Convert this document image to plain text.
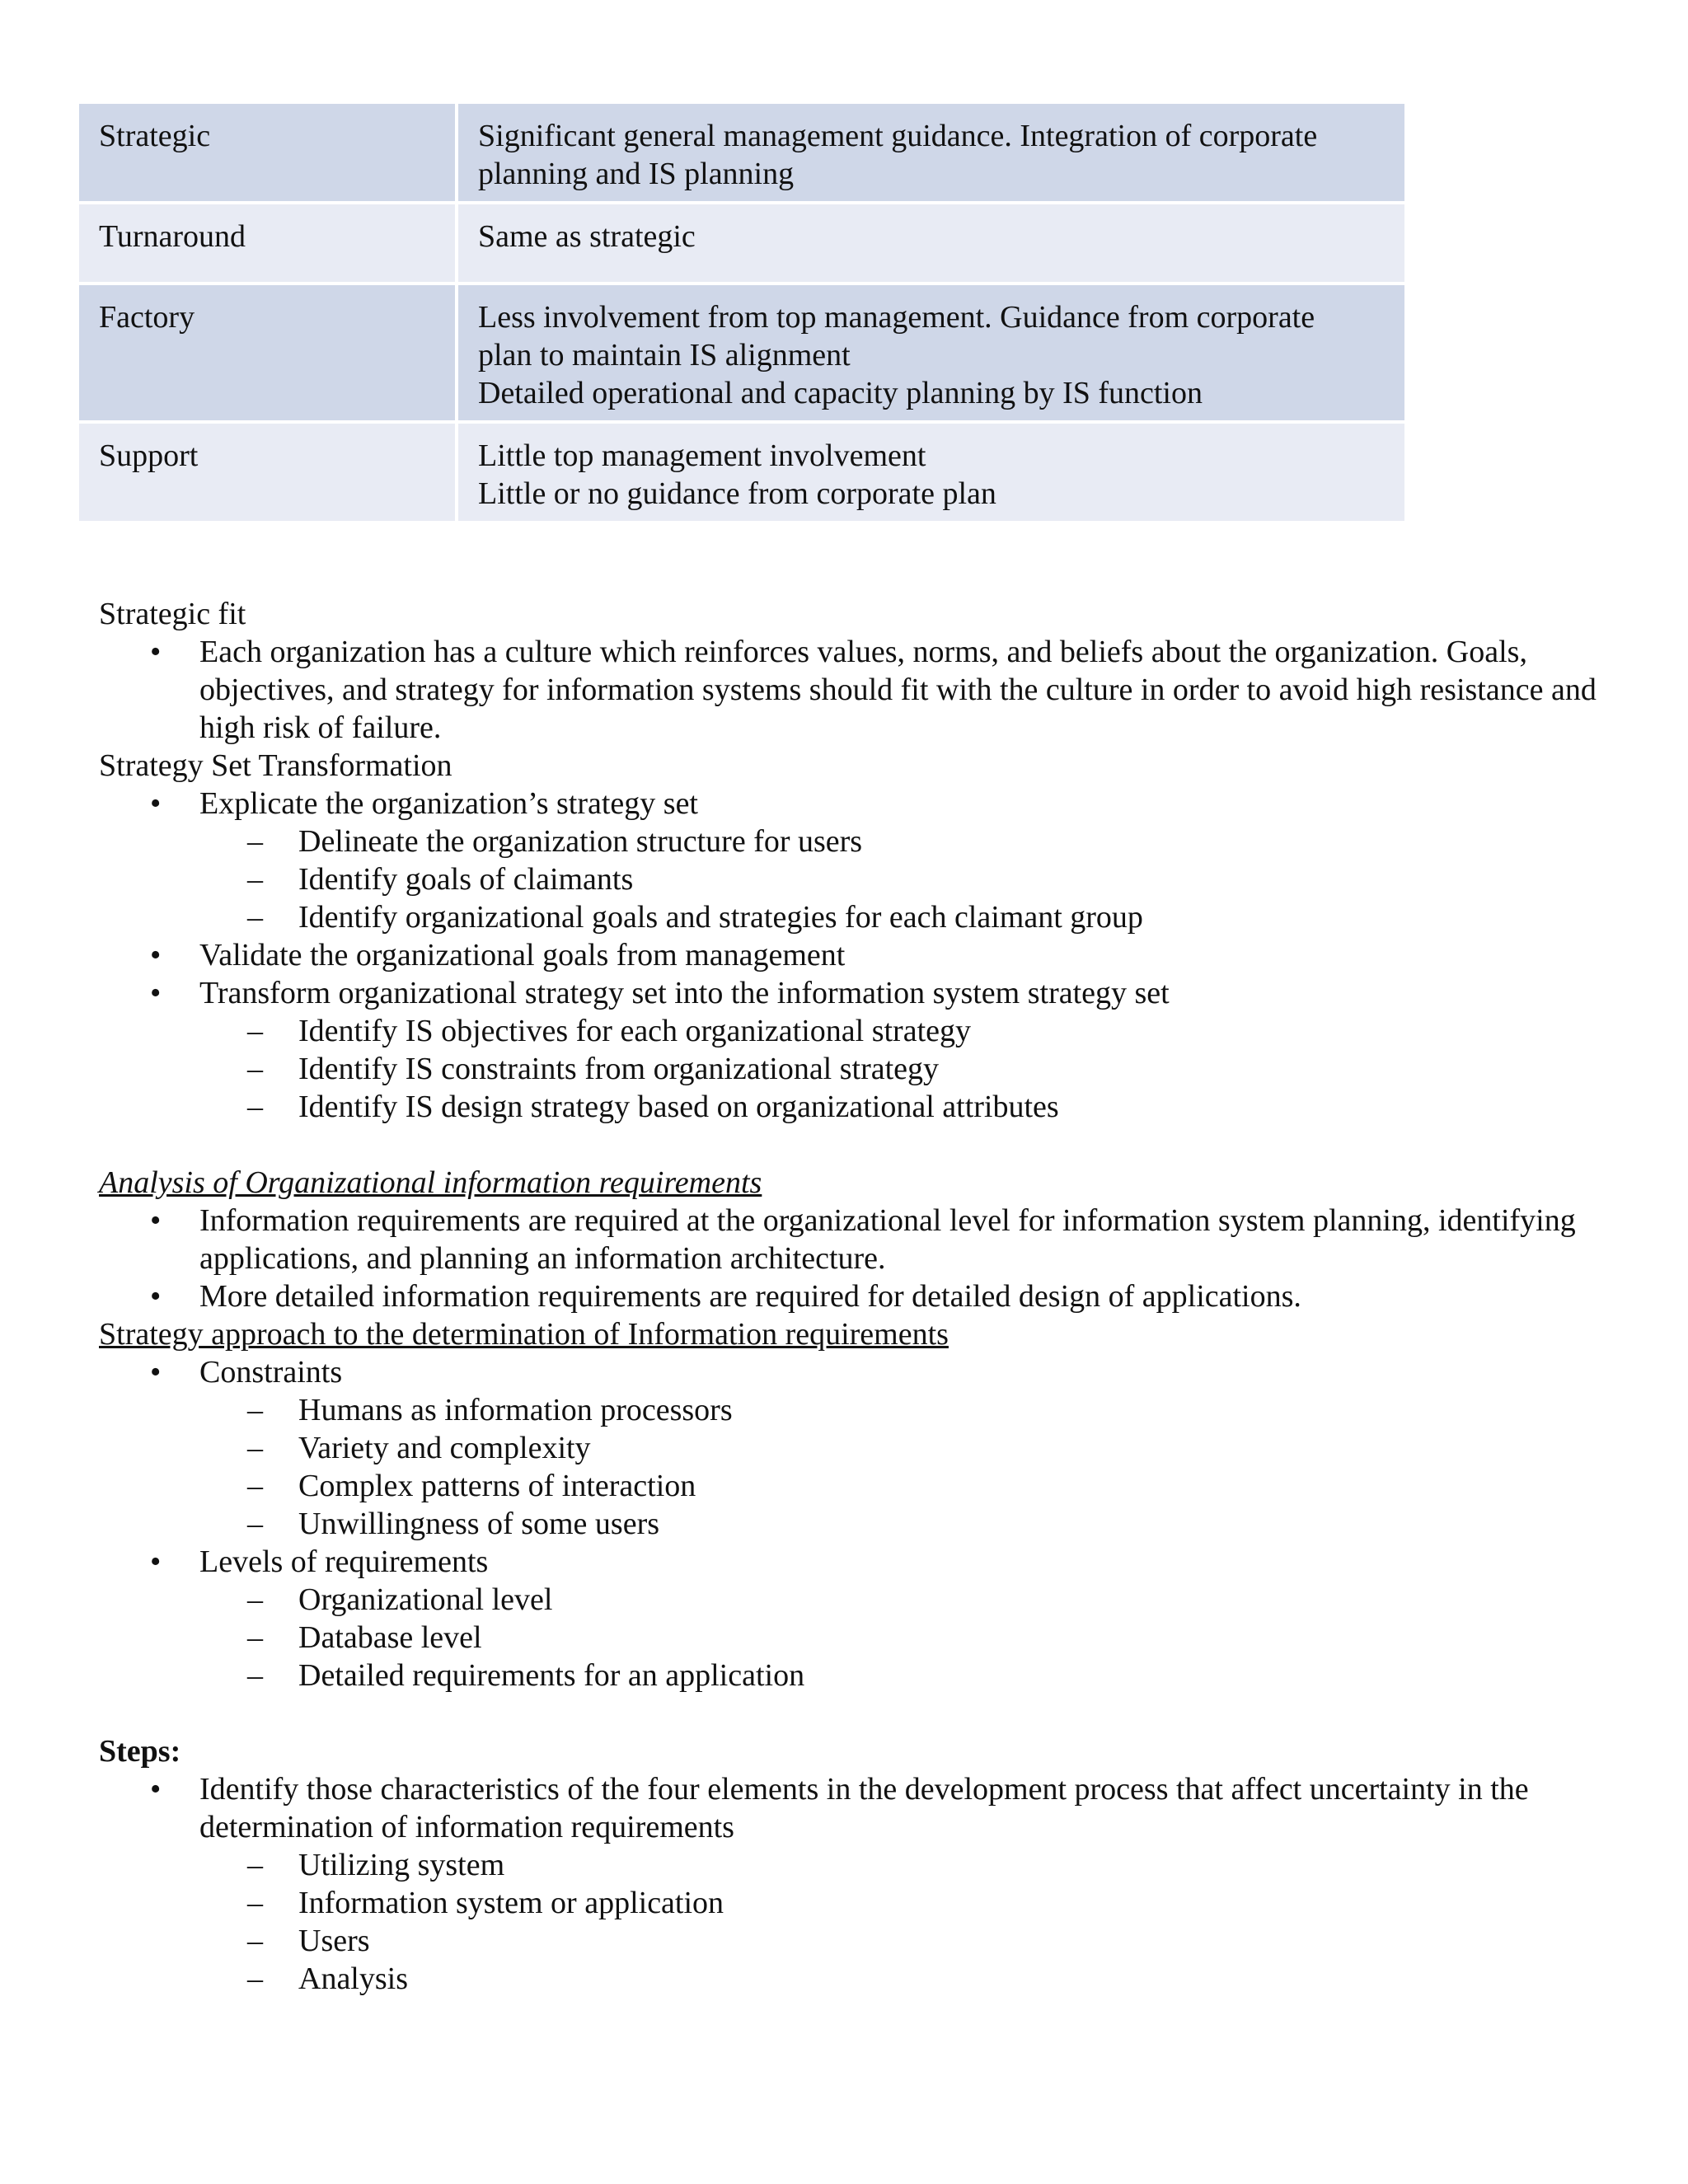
Strategic	Significant general management guidance. Integration of corporate
planning and IS planning

Turnaround	Same as strategic

Factory	Less involvement from top management. Guidance from corporate
plan to maintain IS alignment
Detailed operational and capacity planning by IS function

Support	Little top management involvement
Little or no guidance from corporate plan

Strategic fit

• Each organization has a culture which reinforces values, norms, and beliefs about the organization. Goals, objectives, and strategy for information systems should fit with the culture in order to avoid high resistance and high risk of failure.

Strategy Set Transformation

• Explicate the organization’s strategy set
– Delineate the organization structure for users
– Identify goals of claimants
– Identify organizational goals and strategies for each claimant group
• Validate the organizational goals from management
• Transform organizational strategy set into the information system strategy set
– Identify IS objectives for each organizational strategy
– Identify IS constraints from organizational strategy
– Identify IS design strategy based on organizational attributes

Analysis of Organizational information requirements

• Information requirements are required at the organizational level for information system planning, identifying applications, and planning an information architecture.
• More detailed information requirements are required for detailed design of applications.

Strategy approach to the determination of Information requirements

• Constraints
– Humans as information processors
– Variety and complexity
– Complex patterns of interaction
– Unwillingness of some users
• Levels of requirements
– Organizational level
– Database level
– Detailed requirements for an application

Steps:

• Identify those characteristics of the four elements in the development process that affect uncertainty in the determination of information requirements
– Utilizing system
– Information system or application
– Users
– Analysis
